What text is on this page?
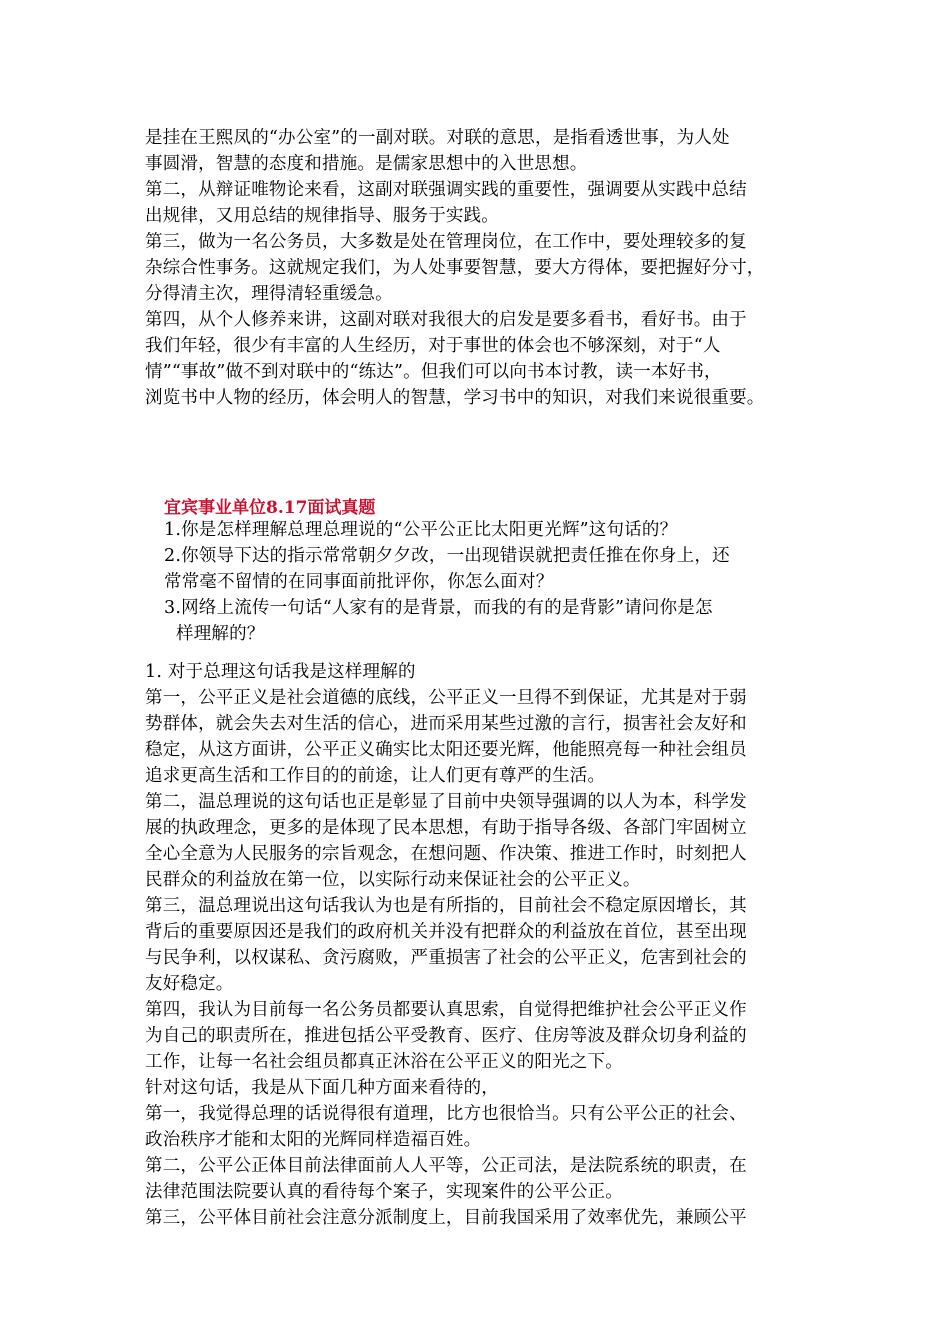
是挂在王熙凤的“办公室”的一副对联。对联的意思，是指看透世事，为人处
事圆滑，智慧的态度和措施。是儒家思想中的入世思想。
第二，从辩证唯物论来看，这副对联强调实践的重要性，强调要从实践中总结
出规律，又用总结的规律指导、服务于实践。
第三，做为一名公务员，大多数是处在管理岗位，在工作中，要处理较多的复
杂综合性事务。这就规定我们，为人处事要智慧，要大方得体，要把握好分寸，
分得清主次，理得清轻重缓急。
第四，从个人修养来讲，这副对联对我很大的启发是要多看书，看好书。由于
我们年轻，很少有丰富的人生经历，对于事世的体会也不够深刻，对于“人
情”“事故”做不到对联中的“练达”。但我们可以向书本讨教，读一本好书，
浏览书中人物的经历，体会明人的智慧，学习书中的知识，对我们来说很重要。
宜宾事业单位8.17面试真题
1.你是怎样理解总理总理说的“公平公正比太阳更光辉”这句话的？
2.你领导下达的指示常常朝夕夕改，一出现错误就把责任推在你身上，还
常常毫不留情的在同事面前批评你，你怎么面对？
3.网络上流传一句话“人家有的是背景，而我的有的是背影”请问你是怎
样理解的？
1. 对于总理这句话我是这样理解的
第一，公平正义是社会道德的底线，公平正义一旦得不到保证，尤其是对于弱
势群体，就会失去对生活的信心，进而采用某些过激的言行，损害社会友好和
稳定，从这方面讲，公平正义确实比太阳还要光辉，他能照亮每一种社会组员
追求更高生活和工作目的的前途，让人们更有尊严的生活。
第二，温总理说的这句话也正是彰显了目前中央领导强调的以人为本，科学发
展的执政理念，更多的是体现了民本思想，有助于指导各级、各部门牢固树立
全心全意为人民服务的宗旨观念，在想问题、作决策、推进工作时，时刻把人
民群众的利益放在第一位，以实际行动来保证社会的公平正义。
第三，温总理说出这句话我认为也是有所指的，目前社会不稳定原因增长，其
背后的重要原因还是我们的政府机关并没有把群众的利益放在首位，甚至出现
与民争利，以权谋私、贪污腐败，严重损害了社会的公平正义，危害到社会的
友好稳定。
第四，我认为目前每一名公务员都要认真思索，自觉得把维护社会公平正义作
为自己的职责所在，推进包括公平受教育、医疗、住房等波及群众切身利益的
工作，让每一名社会组员都真正沐浴在公平正义的阳光之下。
针对这句话，我是从下面几种方面来看待的，
第一，我觉得总理的话说得很有道理，比方也很恰当。只有公平公正的社会、
政治秩序才能和太阳的光辉同样造福百姓。
第二，公平公正体目前法律面前人人平等，公正司法，是法院系统的职责，在
法律范围法院要认真的看待每个案子，实现案件的公平公正。
第三，公平体目前社会注意分派制度上，目前我国采用了效率优先，兼顾公平
